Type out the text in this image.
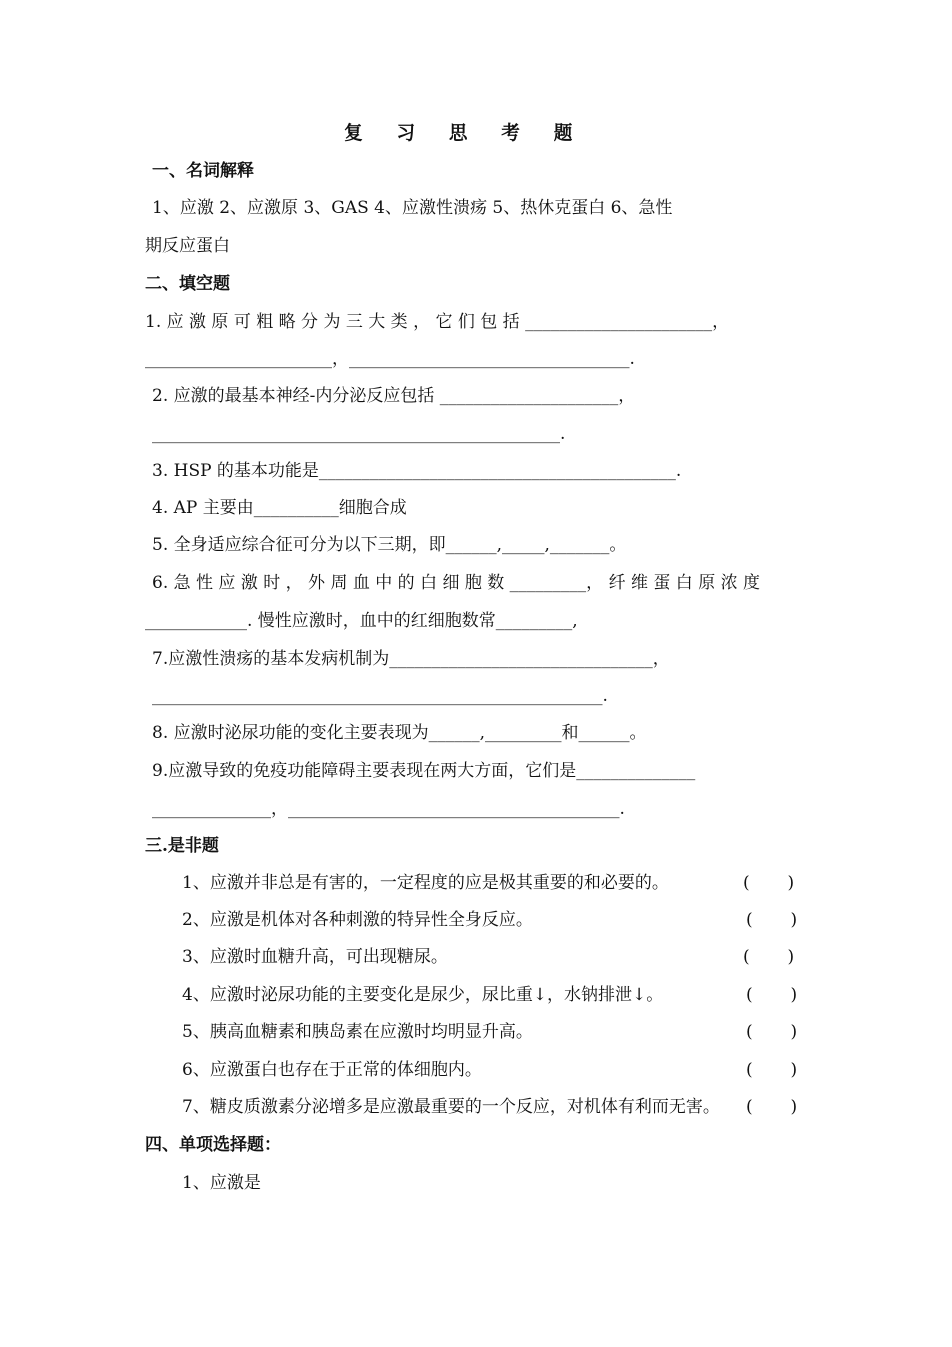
复 习 思 考 题
一、名词解释
1、应激 2、应激原 3、GAS 4、应激性溃疡 5、热休克蛋白 6、急性
期反应蛋白
二、填空题
1. 应 激 原 可 粗 略 分 为 三 大 类 ， 它 们 包 括 ______________________，
______________________，_________________________________.
2. 应激的最基本神经-内分泌反应包括 _____________________，
________________________________________________.
3. HSP 的基本功能是__________________________________________.
4. AP 主要由__________细胞合成
5. 全身适应综合征可分为以下三期，即______,_____,_______。
6. 急 性 应 激 时 ， 外 周 血 中 的 白 细 胞 数 _________， 纤 维 蛋 白 原 浓 度
____________. 慢性应激时，血中的红细胞数常_________,
7.应激性溃疡的基本发病机制为_______________________________，
_____________________________________________________.
8. 应激时泌尿功能的变化主要表现为______,_________和______。
9.应激导致的免疫功能障碍主要表现在两大方面，它们是______________
______________，_______________________________________.
三.是非题
1、应激并非总是有害的，一定程度的应是极其重要的和必要的。	(       )
2、应激是机体对各种刺激的特异性全身反应。	(       )
3、应激时血糖升高，可出现糖尿。	(       )
4、应激时泌尿功能的主要变化是尿少，尿比重↓，水钠排泄↓。	(       )
5、胰高血糖素和胰岛素在应激时均明显升高。	(       )
6、应激蛋白也存在于正常的体细胞内。	(       )
7、糖皮质激素分泌增多是应激最重要的一个反应，对机体有利而无害。 (       )
四、单项选择题：
1、应激是
